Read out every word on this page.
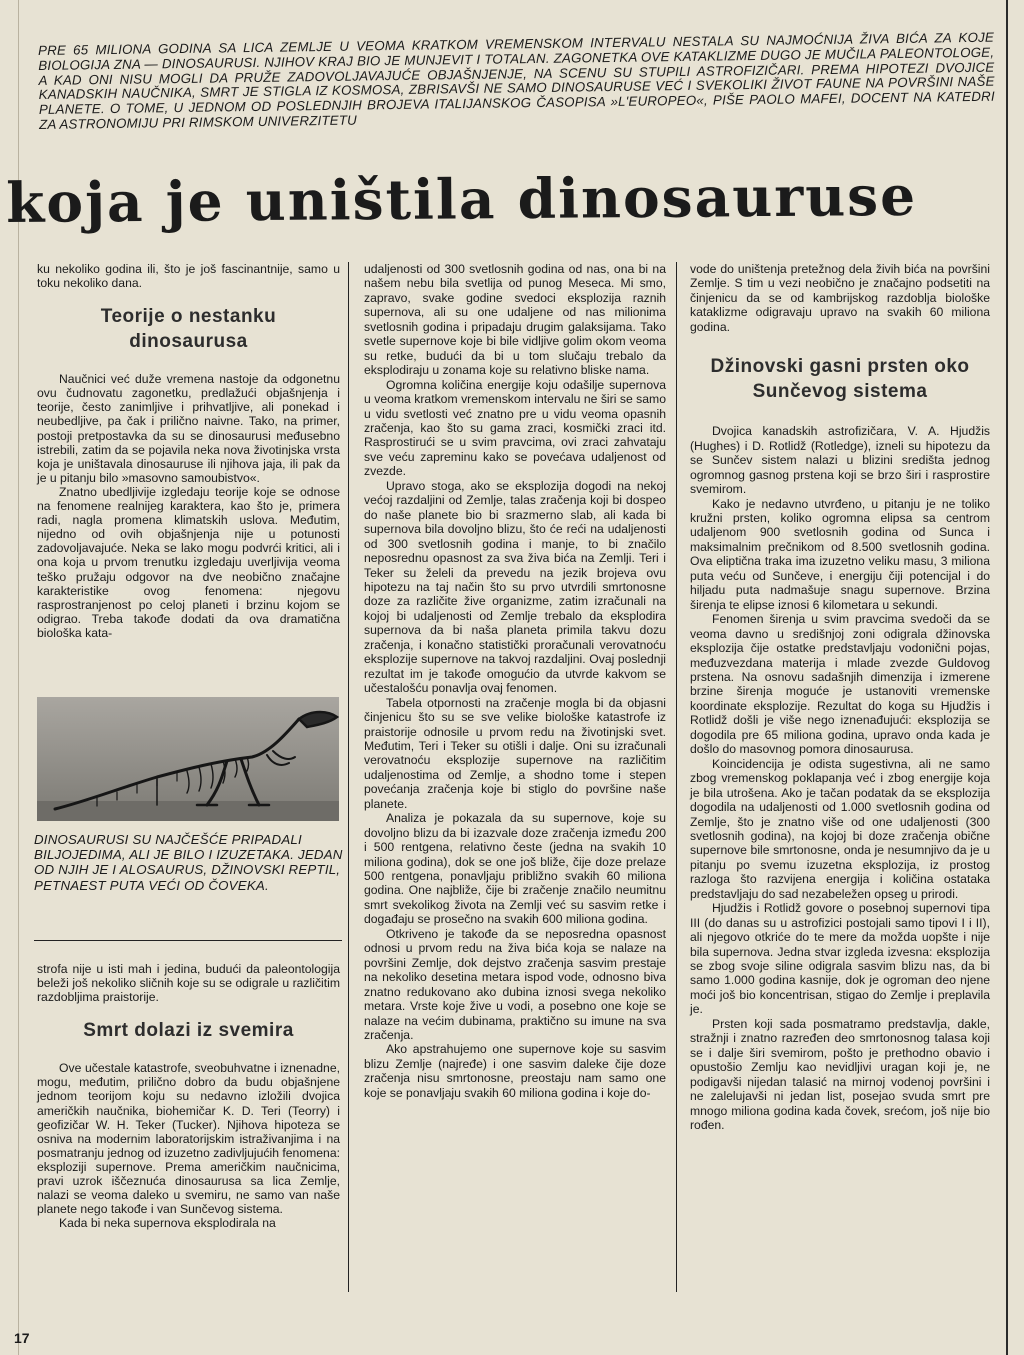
PRE 65 MILIONA GODINA SA LICA ZEMLJE U VEOMA KRATKOM VREMENSKOM INTERVALU NESTALA SU NAJMOĆNIJA ŽIVA BIĆA ZA KOJE BIOLOGIJA ZNA — DINOSAURUSI. NJIHOV KRAJ BIO JE MUNJEVIT I TOTALAN. ZAGONETKA OVE KATAKLIZME DUGO JE MUČILA PALEONTOLOGE, A KAD ONI NISU MOGLI DA PRUŽE ZADOVOLJAVAJUĆE OBJAŠNJENJE, NA SCENU SU STUPILI ASTROFIZIČARI. PREMA HIPOTEZI DVOJICE KANADSKIH NAUČNIKA, SMRT JE STIGLA IZ KOSMOSA, ZBRISAVŠI NE SAMO DINOSAURUSE VEĆ I SVEKOLIKI ŽIVOT FAUNE NA POVRŠINI NAŠE PLANETE. O TOME, U JEDNOM OD POSLEDNJIH BROJEVA ITALIJANSKOG ČASOPISA »L'EUROPEO«, PIŠE PAOLO MAFEI, DOCENT NA KATEDRI ZA ASTRONOMIJU PRI RIMSKOM UNIVERZITETU
koja je uništila dinosauruse

ku nekoliko godina ili, što je još fascinantnije, samo u toku nekoliko dana.

Teorije o nestanku dinosaurusa

Naučnici već duže vremena nastoje da odgonetnu ovu čudnovatu zagonetku, predlažući objašnjenja i teorije, često zanimljive i prihvatljive, ali ponekad i neubedljive, pa čak i prilično naivne. Tako, na primer, postoji pretpostavka da su se dinosaurusi međusebno istrebili, zatim da se pojavila neka nova životinjska vrsta koja je uništavala dinosauruse ili njihova jaja, ili pak da je u pitanju bilo »masovno samoubistvo«.

Znatno ubedljivije izgledaju teorije koje se odnose na fenomene realnijeg karaktera, kao što je, primera radi, nagla promena klimatskih uslova. Međutim, nijedno od ovih objašnjenja nije u potunosti zadovoljavajuće. Neka se lako mogu podvrći kritici, ali i ona koja u prvom trenutku izgledaju uverljivija veoma teško pružaju odgovor na dve neobično značajne karakteristike ovog fenomena: njegovu rasprostranjenost po celoj planeti i brzinu kojom se odigrao. Treba takođe dodati da ova dramatična biološka kata-

DINOSAURUSI SU NAJČEŠĆE PRIPADALI BILJOJEDIMA, ALI JE BILO I IZUZETAKA. JEDAN OD NJIH JE I ALOSAURUS, DŽINOVSKI REPTIL, PETNAEST PUTA VEĆI OD ČOVEKA.

strofa nije u isti mah i jedina, budući da paleontologija beleži još nekoliko sličnih koje su se odigrale u različitim razdobljima praistorije.

Smrt dolazi iz svemira

Ove učestale katastrofe, sveobuhvatne i iznenadne, mogu, međutim, prilično dobro da budu objašnjene jednom teorijom koju su nedavno izložili dvojica američkih naučnika, biohemičar K. D. Teri (Teorry) i geofizičar W. H. Teker (Tucker). Njihova hipoteza se osniva na modernim laboratorijskim istraživanjima i na posmatranju jednog od izuzetno zadivljujućih fenomena: eksploziji supernove. Prema američkim naučnicima, pravi uzrok iščeznuća dinosaurusa sa lica Zemlje, nalazi se veoma daleko u svemiru, ne samo van naše planete nego takođe i van Sunčevog sistema.

Kada bi neka supernova eksplodirala na

17

udaljenosti od 300 svetlosnih godina od nas, ona bi na našem nebu bila svetlija od punog Meseca. Mi smo, zapravo, svake godine svedoci eksplozija raznih supernova, ali su one udaljene od nas milionima svetlosnih godina i pripadaju drugim galaksijama. Tako svetle supernove koje bi bile vidljive golim okom veoma su retke, budući da bi u tom slučaju trebalo da eksplodiraju u zonama koje su relativno bliske nama.

Ogromna količina energije koju odašilje supernova u veoma kratkom vremenskom intervalu ne širi se samo u vidu svetlosti već znatno pre u vidu veoma opasnih zračenja, kao što su gama zraci, kosmički zraci itd. Rasprostirući se u svim pravcima, ovi zraci zahvataju sve veću zapreminu kako se povećava udaljenost od zvezde.

Upravo stoga, ako se eksplozija dogodi na nekoj većoj razdaljini od Zemlje, talas zračenja koji bi dospeo do naše planete bio bi srazmerno slab, ali kada bi supernova bila dovoljno blizu, što će reći na udaljenosti od 300 svetlosnih godina i manje, to bi značilo neposrednu opasnost za sva živa bića na Zemlji. Teri i Teker su želeli da prevedu na jezik brojeva ovu hipotezu na taj način što su prvo utvrdili smrtonosne doze za različite žive organizme, zatim izračunali na kojoj bi udaljenosti od Zemlje trebalo da eksplodira supernova da bi naša planeta primila takvu dozu zračenja, i konačno statistički proračunali verovatnoću eksplozije supernove na takvoj razdaljini. Ovaj poslednji rezultat im je takođe omogućio da utvrde kakvom se učestalošću ponavlja ovaj fenomen.

Tabela otpornosti na zračenje mogla bi da objasni činjenicu što su se sve velike biološke katastrofe iz praistorije odnosile u prvom redu na životinjski svet. Međutim, Teri i Teker su otišli i dalje. Oni su izračunali verovatnoću eksplozije supernove na različitim udaljenostima od Zemlje, a shodno tome i stepen povećanja zračenja koje bi stiglo do površine naše planete.

Analiza je pokazala da su supernove, koje su dovoljno blizu da bi izazvale doze zračenja između 200 i 500 rentgena, relativno česte (jedna na svakih 10 miliona godina), dok se one još bliže, čije doze prelaze 500 rentgena, ponavljaju približno svakih 60 miliona godina. One najbliže, čije bi zračenje značilo neumitnu smrt svekolikog života na Zemlji već su sasvim retke i događaju se prosečno na svakih 600 miliona godina.

Otkriveno je takođe da se neposredna opasnost odnosi u prvom redu na živa bića koja se nalaze na površini Zemlje, dok dejstvo zračenja sasvim prestaje na nekoliko desetina metara ispod vode, odnosno biva znatno redukovano ako dubina iznosi svega nekoliko metara. Vrste koje žive u vodi, a posebno one koje se nalaze na većim dubinama, praktično su imune na sva zračenja.

Ako apstrahujemo one supernove koje su sasvim blizu Zemlje (najređe) i one sasvim daleke čije doze zračenja nisu smrtonosne, preostaju nam samo one koje se ponavljaju svakih 60 miliona godina i koje do-

vode do uništenja pretežnog dela živih bića na površini Zemlje. S tim u vezi neobično je značajno podsetiti na činjenicu da se od kambrijskog razdoblja biološke kataklizme odigravaju upravo na svakih 60 miliona godina.

Džinovski gasni prsten oko Sunčevog sistema

Dvojica kanadskih astrofizičara, V. A. Hjudžis (Hughes) i D. Rotlidž (Rotledge), izneli su hipotezu da se Sunčev sistem nalazi u blizini središta jednog ogromnog gasnog prstena koji se brzo širi i rasprostire svemirom.

Kako je nedavno utvrđeno, u pitanju je ne toliko kružni prsten, koliko ogromna elipsa sa centrom udaljenom 900 svetlosnih godina od Sunca i maksimalnim prečnikom od 8.500 svetlosnih godina. Ova eliptična traka ima izuzetno veliku masu, 3 miliona puta veću od Sunčeve, i energiju čiji potencijal i do hiljadu puta nadmašuje snagu supernove. Brzina širenja te elipse iznosi 6 kilometara u sekundi.

Fenomen širenja u svim pravcima svedoči da se veoma davno u središnjoj zoni odigrala džinovska eksplozija čije ostatke predstavljaju vodonični pojas, međuzvezdana materija i mlade zvezde Guldovog prstena. Na osnovu sadašnjih dimenzija i izmerene brzine širenja moguće je ustanoviti vremenske koordinate eksplozije. Rezultat do koga su Hjudžis i Rotlidž došli je više nego iznenađujući: eksplozija se dogodila pre 65 miliona godina, upravo onda kada je došlo do masovnog pomora dinosaurusa.

Koincidencija je odista sugestivna, ali ne samo zbog vremenskog poklapanja već i zbog energije koja je bila utrošena. Ako je tačan podatak da se eksplozija dogodila na udaljenosti od 1.000 svetlosnih godina od Zemlje, što je znatno više od one udaljenosti (300 svetlosnih godina), na kojoj bi doze zračenja obične supernove bile smrtonosne, onda je nesumnjivo da je u pitanju po svemu izuzetna eksplozija, iz prostog razloga što razvijena energija i količina ostataka predstavljaju do sad nezabeležen opseg u prirodi.

Hjudžis i Rotlidž govore o posebnoj supernovi tipa III (do danas su u astrofizici postojali samo tipovi I i II), ali njegovo otkriće do te mere da možda uopšte i nije bila supernova. Jedna stvar izgleda izvesna: eksplozija se zbog svoje siline odigrala sasvim blizu nas, da bi samo 1.000 godina kasnije, dok je ogroman deo njene moći još bio koncentrisan, stigao do Zemlje i preplavila je.

Prsten koji sada posmatramo predstavlja, dakle, stražnji i znatno razređen deo smrtonosnog talasa koji se i dalje širi svemirom, pošto je prethodno obavio i opustošio Zemlju kao nevidljivi uragan koji je, ne podigavši nijedan talasić na mirnoj vodenoj površini i ne zalelujavši ni jedan list, posejao svuda smrt pre mnogo miliona godina kada čovek, srećom, još nije bio rođen.
